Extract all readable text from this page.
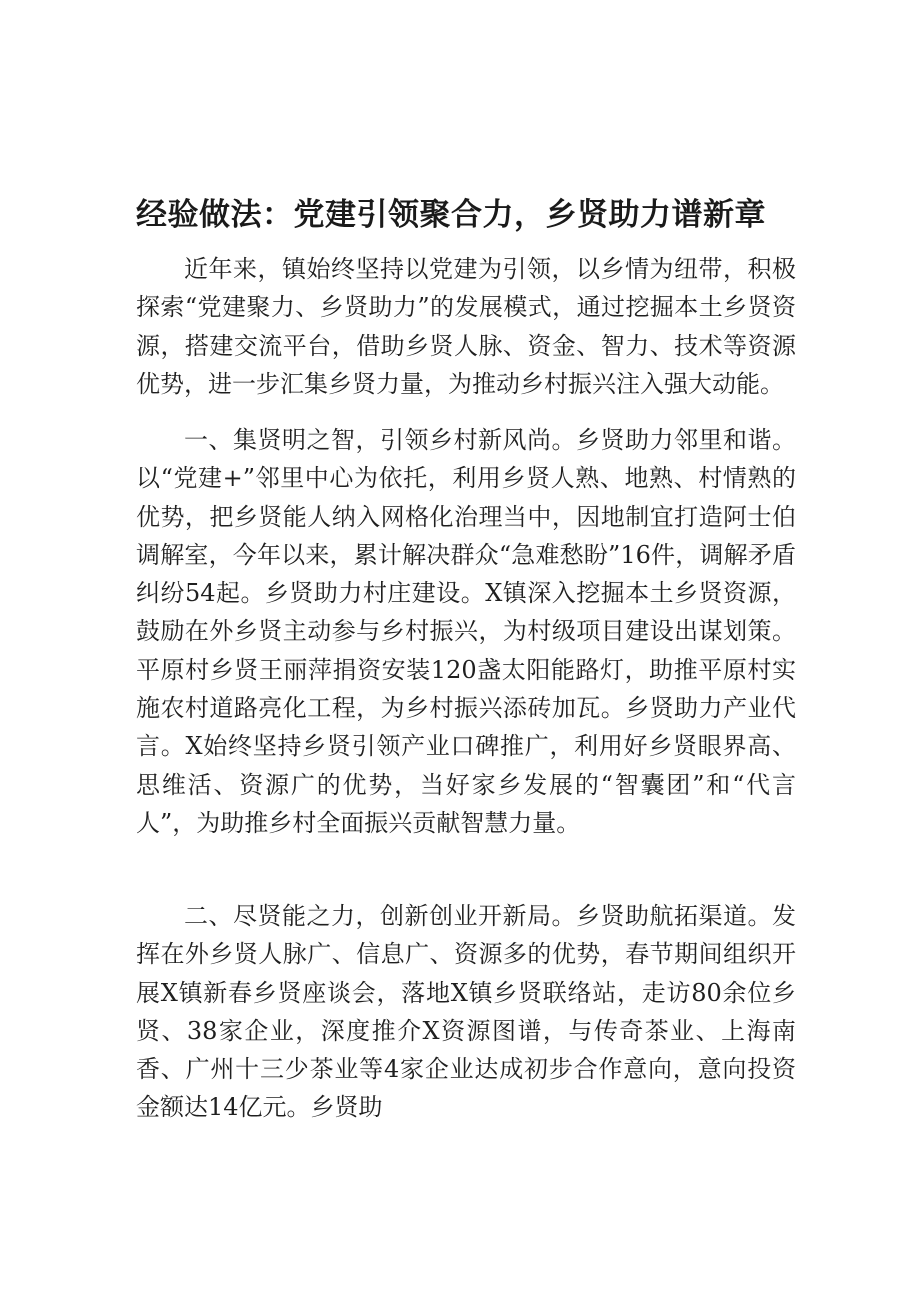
经验做法：党建引领聚合力，乡贤助力谱新章

近年来，镇始终坚持以党建为引领，以乡情为纽带，积极探索“党建聚力、乡贤助力”的发展模式，通过挖掘本土乡贤资源，搭建交流平台，借助乡贤人脉、资金、智力、技术等资源优势，进一步汇集乡贤力量，为推动乡村振兴注入强大动能。

一、集贤明之智，引领乡村新风尚。乡贤助力邻里和谐。以“党建+”邻里中心为依托，利用乡贤人熟、地熟、村情熟的优势，把乡贤能人纳入网格化治理当中，因地制宜打造阿士伯调解室，今年以来，累计解决群众“急难愁盼”16件，调解矛盾纠纷54起。乡贤助力村庄建设。X镇深入挖掘本土乡贤资源，鼓励在外乡贤主动参与乡村振兴，为村级项目建设出谋划策。平原村乡贤王丽萍捐资安装120盏太阳能路灯，助推平原村实施农村道路亮化工程，为乡村振兴添砖加瓦。乡贤助力产业代言。X始终坚持乡贤引领产业口碑推广，利用好乡贤眼界高、思维活、资源广的优势，当好家乡发展的“智囊团”和“代言人”，为助推乡村全面振兴贡献智慧力量。

二、尽贤能之力，创新创业开新局。乡贤助航拓渠道。发挥在外乡贤人脉广、信息广、资源多的优势，春节期间组织开展X镇新春乡贤座谈会，落地X镇乡贤联络站，走访80余位乡贤、38家企业，深度推介X资源图谱，与传奇茶业、上海南香、广州十三少茶业等4家企业达成初步合作意向，意向投资金额达14亿元。乡贤助
